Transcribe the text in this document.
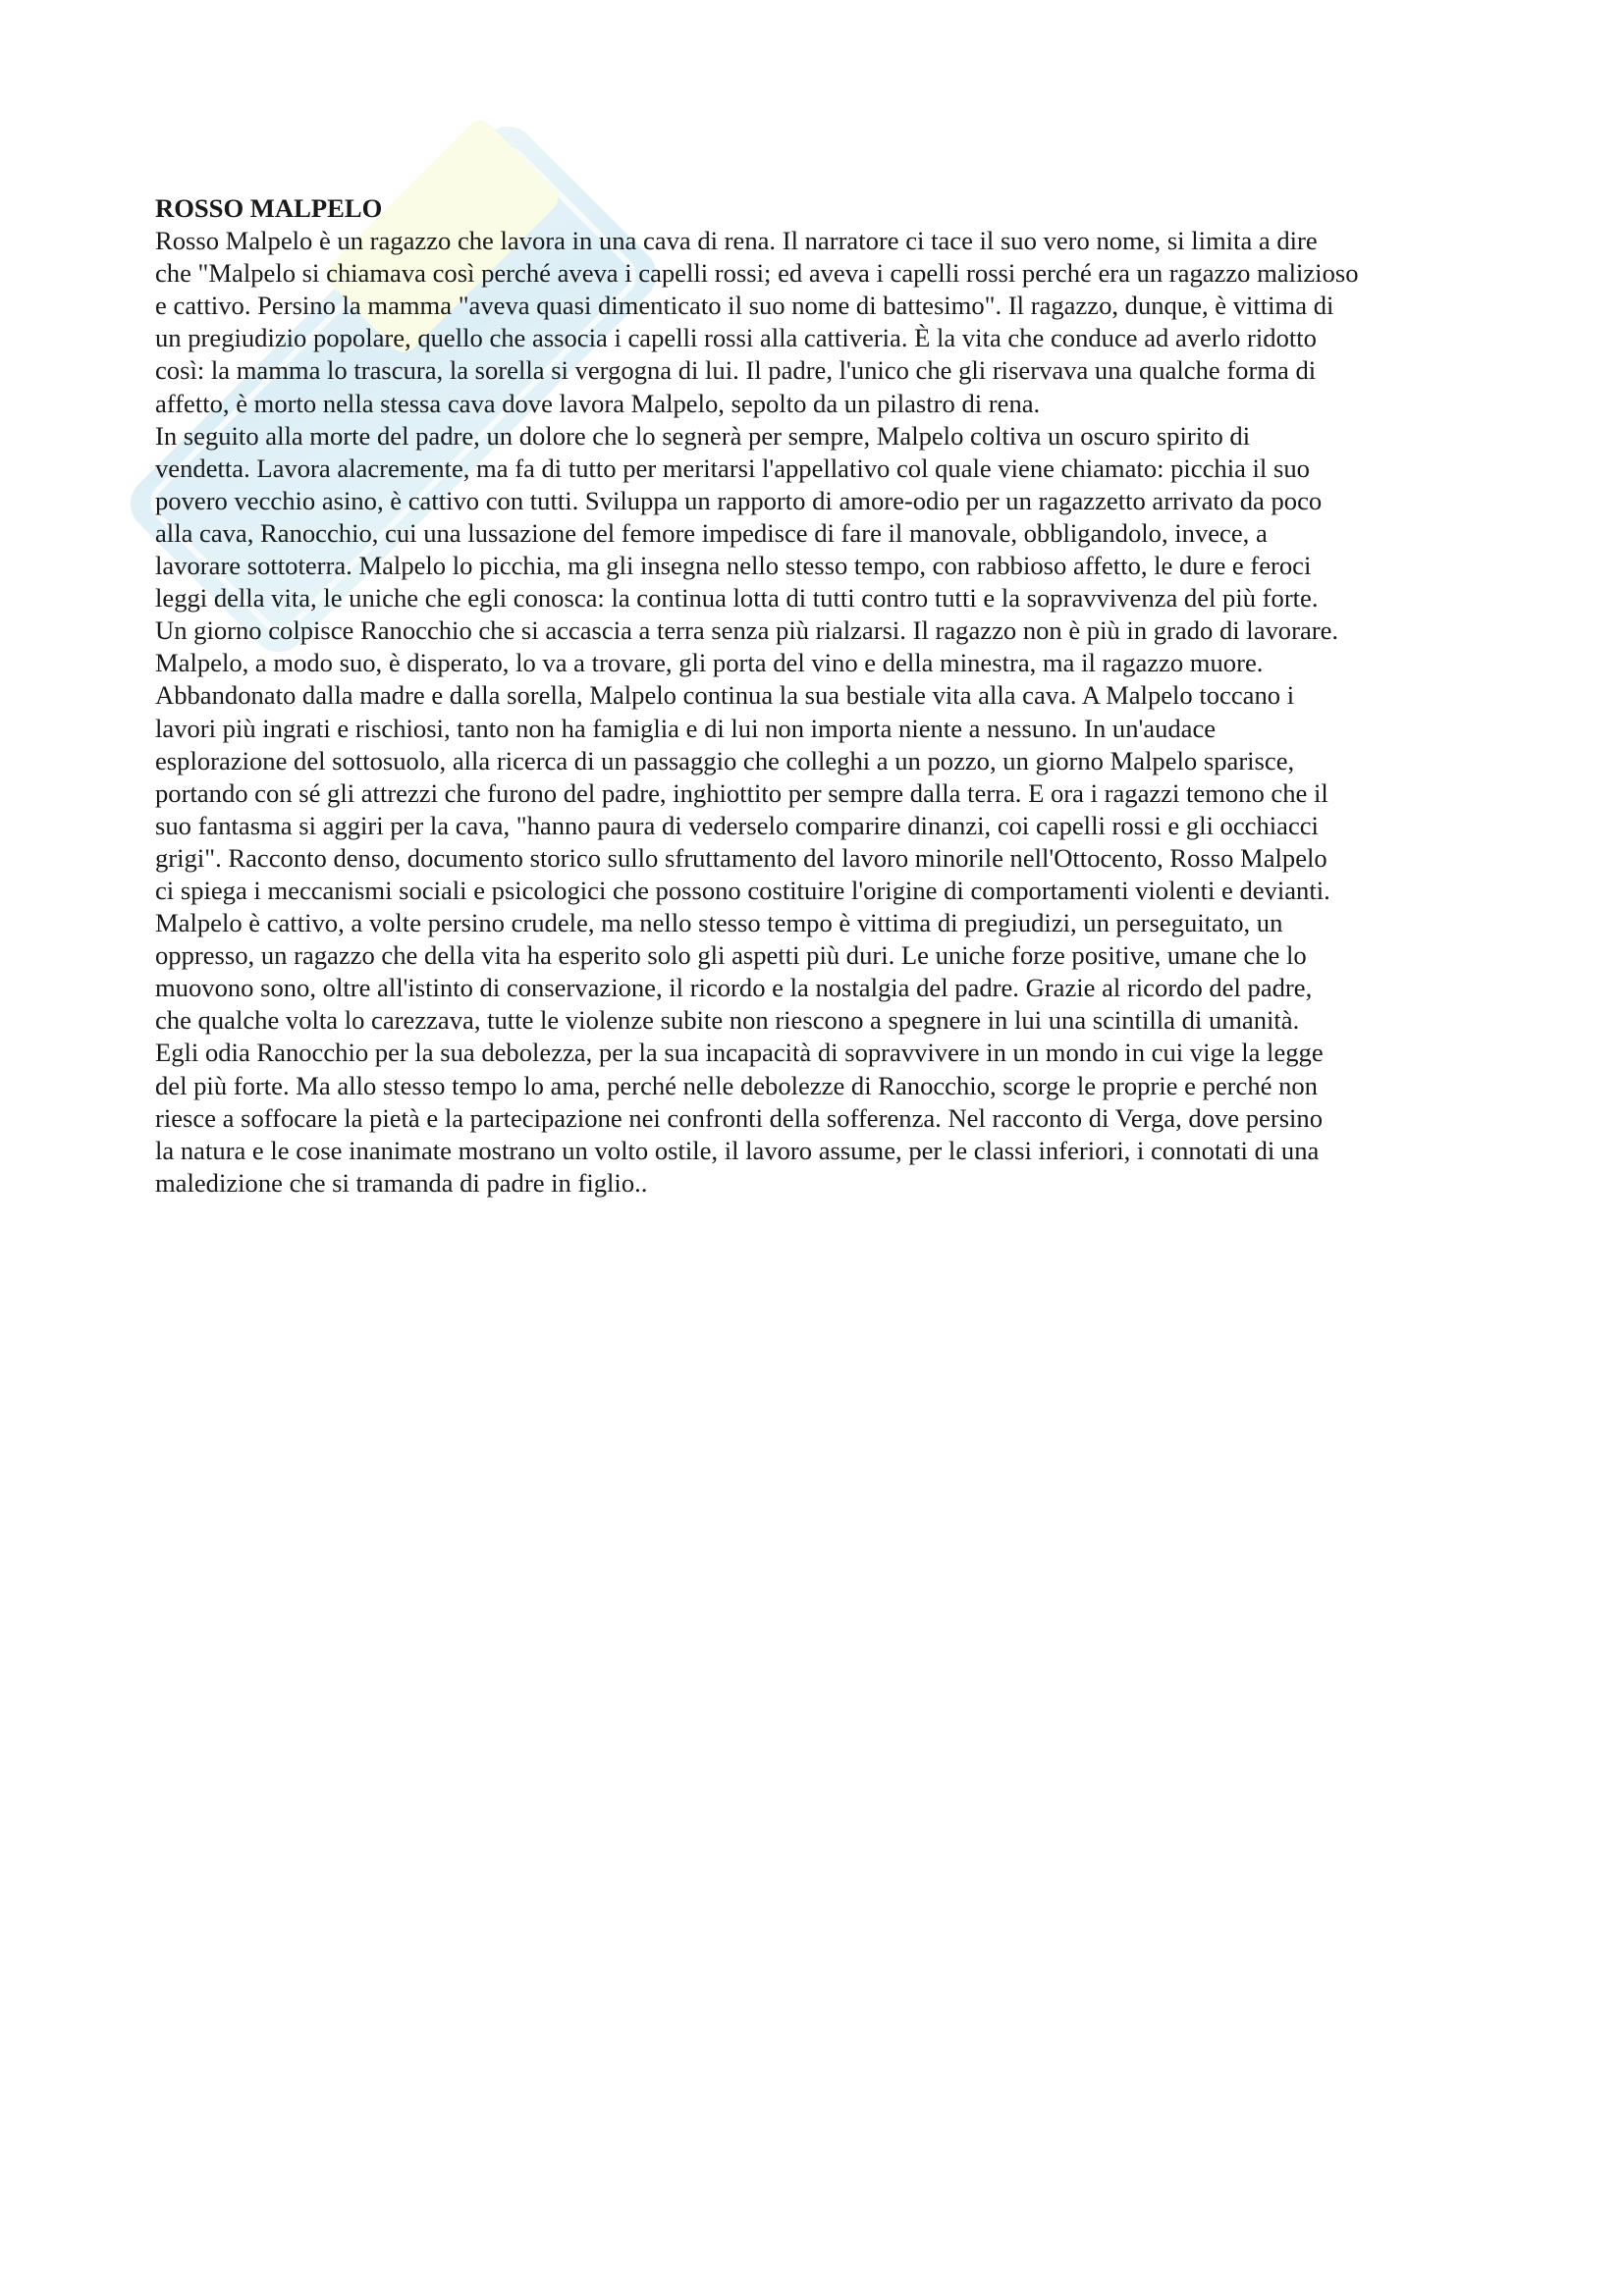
ROSSO MALPELO

Rosso Malpelo è un ragazzo che lavora in una cava di rena. Il narratore ci tace il suo vero nome, si limita a dire
che "Malpelo si chiamava così perché aveva i capelli rossi; ed aveva i capelli rossi perché era un ragazzo malizioso
e cattivo. Persino la mamma "aveva quasi dimenticato il suo nome di battesimo". Il ragazzo, dunque, è vittima di
un pregiudizio popolare, quello che associa i capelli rossi alla cattiveria. È la vita che conduce ad averlo ridotto
così: la mamma lo trascura, la sorella si vergogna di lui. Il padre, l'unico che gli riservava una qualche forma di
affetto, è morto nella stessa cava dove lavora Malpelo, sepolto da un pilastro di rena.
In seguito alla morte del padre, un dolore che lo segnerà per sempre, Malpelo coltiva un oscuro spirito di
vendetta. Lavora alacremente, ma fa di tutto per meritarsi l'appellativo col quale viene chiamato: picchia il suo
povero vecchio asino, è cattivo con tutti. Sviluppa un rapporto di amore-odio per un ragazzetto arrivato da poco
alla cava, Ranocchio, cui una lussazione del femore impedisce di fare il manovale, obbligandolo, invece, a
lavorare sottoterra. Malpelo lo picchia, ma gli insegna nello stesso tempo, con rabbioso affetto, le dure e feroci
leggi della vita, le uniche che egli conosca: la continua lotta di tutti contro tutti e la sopravvivenza del più forte.
Un giorno colpisce Ranocchio che si accascia a terra senza più rialzarsi. Il ragazzo non è più in grado di lavorare.
Malpelo, a modo suo, è disperato, lo va a trovare, gli porta del vino e della minestra, ma il ragazzo muore.
Abbandonato dalla madre e dalla sorella, Malpelo continua la sua bestiale vita alla cava. A Malpelo toccano i
lavori più ingrati e rischiosi, tanto non ha famiglia e di lui non importa niente a nessuno. In un'audace
esplorazione del sottosuolo, alla ricerca di un passaggio che colleghi a un pozzo, un giorno Malpelo sparisce,
portando con sé gli attrezzi che furono del padre, inghiottito per sempre dalla terra. E ora i ragazzi temono che il
suo fantasma si aggiri per la cava, "hanno paura di vederselo comparire dinanzi, coi capelli rossi e gli occhiacci
grigi". Racconto denso, documento storico sullo sfruttamento del lavoro minorile nell'Ottocento, Rosso Malpelo
ci spiega i meccanismi sociali e psicologici che possono costituire l'origine di comportamenti violenti e devianti.
Malpelo è cattivo, a volte persino crudele, ma nello stesso tempo è vittima di pregiudizi, un perseguitato, un
oppresso, un ragazzo che della vita ha esperito solo gli aspetti più duri. Le uniche forze positive, umane che lo
muovono sono, oltre all'istinto di conservazione, il ricordo e la nostalgia del padre. Grazie al ricordo del padre,
che qualche volta lo carezzava, tutte le violenze subite non riescono a spegnere in lui una scintilla di umanità.
Egli odia Ranocchio per la sua debolezza, per la sua incapacità di sopravvivere in un mondo in cui vige la legge
del più forte. Ma allo stesso tempo lo ama, perché nelle debolezze di Ranocchio, scorge le proprie e perché non
riesce a soffocare la pietà e la partecipazione nei confronti della sofferenza. Nel racconto di Verga, dove persino
la natura e le cose inanimate mostrano un volto ostile, il lavoro assume, per le classi inferiori, i connotati di una
maledizione che si tramanda di padre in figlio..
